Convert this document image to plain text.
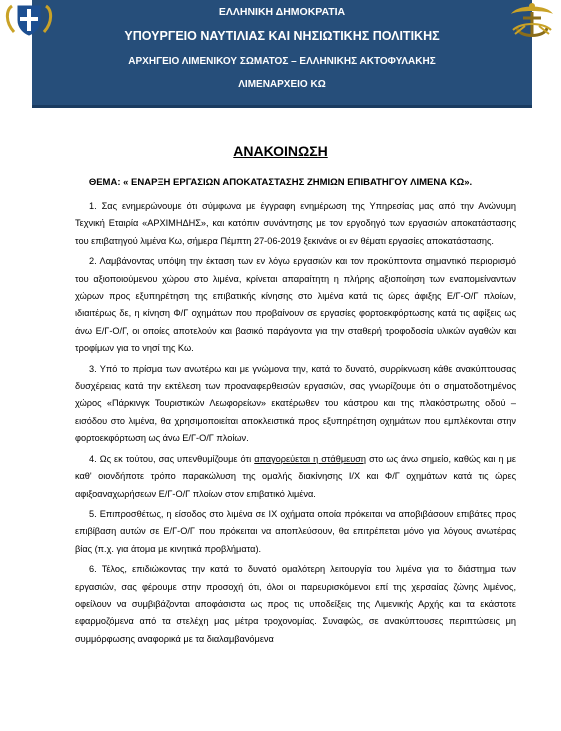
ΕΛΛΗΝΙΚΗ ΔΗΜΟΚΡΑΤΙΑ
ΥΠΟΥΡΓΕΙΟ ΝΑΥΤΙΛΙΑΣ ΚΑΙ ΝΗΣΙΩΤΙΚΗΣ ΠΟΛΙΤΙΚΗΣ
ΑΡΧΗΓΕΙΟ ΛΙΜΕΝΙΚΟΥ ΣΩΜΑΤΟΣ – ΕΛΛΗΝΙΚΗΣ ΑΚΤΟΦΥΛΑΚΗΣ
ΛΙΜΕΝΑΡΧΕΙΟ ΚΩ
ΑΝΑΚΟΙΝΩΣΗ
ΘΕΜΑ: « ΕΝΑΡΞΗ ΕΡΓΑΣΙΩΝ ΑΠΟΚΑΤΑΣΤΑΣΗΣ ΖΗΜΙΩΝ ΕΠΙΒΑΤΗΓΟΥ ΛΙΜΕΝΑ ΚΩ».

1. Σας ενημερώνουμε ότι σύμφωνα με έγγραφη ενημέρωση της Υπηρεσίας μας από την Ανώνυμη Τεχνική Εταιρία «ΑΡΧΙΜΗΔΗΣ», και κατόπιν συνάντησης με τον εργοδηγό των εργασιών αποκατάστασης του επιβατηγού λιμένα Κω, σήμερα Πέμπτη 27-06-2019 ξεκινάνε οι εν θέματι εργασίες αποκατάστασης.

2. Λαμβάνοντας υπόψη την έκταση των εν λόγω εργασιών και τον προκύπτοντα σημαντικό περιορισμό του αξιοποιούμενου χώρου στο λιμένα, κρίνεται απαραίτητη η πλήρης αξιοποίηση των εναπομείναντων χώρων προς εξυπηρέτηση της επιβατικής κίνησης στο λιμένα κατά τις ώρες άφιξης Ε/Γ-Ο/Γ πλοίων, ιδιαιτέρως δε, η κίνηση Φ/Γ οχημάτων που προβαίνουν σε εργασίες φορτοεκφόρτωσης κατά τις αφίξεις ως άνω Ε/Γ-Ο/Γ, οι οποίες αποτελούν και βασικό παράγοντα για την σταθερή τροφοδοσία υλικών αγαθών και τροφίμων για το νησί της Κω.

3. Υπό το πρίσμα των ανωτέρω και με γνώμονα την, κατά το δυνατό, συρρίκνωση κάθε ανακύπτουσας δυσχέρειας κατά την εκτέλεση των προαναφερθεισών εργασιών, σας γνωρίζουμε ότι ο σηματοδοτημένος χώρος «Πάρκινγκ Τουριστικών Λεωφορείων» εκατέρωθεν του κάστρου και της πλακόστρωτης οδού – εισόδου στο λιμένα, θα χρησιμοποιείται αποκλειστικά προς εξυπηρέτηση οχημάτων που εμπλέκονται στην φορτοεκφόρτωση ως άνω Ε/Γ-Ο/Γ πλοίων.

4. Ως εκ τούτου, σας υπενθυμίζουμε ότι απαγορεύεται η στάθμευση στο ως άνω σημείο, καθώς και η με καθ' οιονδήποτε τρόπο παρακώλυση της ομαλής διακίνησης Ι/Χ και Φ/Γ οχημάτων κατά τις ώρες αφιξοαναχωρήσεων Ε/Γ-Ο/Γ πλοίων στον επιβατικό λιμένα.

5. Επιπροσθέτως, η είσοδος στο λιμένα σε ΙΧ οχήματα οποία πρόκειται να αποβιβάσουν επιβάτες προς επιβίβαση αυτών σε Ε/Γ-Ο/Γ που πρόκειται να αποπλεύσουν, θα επιτρέπεται μόνο για λόγους ανωτέρας βίας (π.χ. για άτομα με κινητικά προβλήματα).

6. Τέλος, επιδιώκοντας την κατά το δυνατό ομαλότερη λειτουργία του λιμένα για το διάστημα των εργασιών, σας φέρουμε στην προσοχή ότι, όλοι οι παρευρισκόμενοι επί της χερσαίας ζώνης λιμένος, οφείλουν να συμβιβάζονται αποφάσιστα ως προς τις υποδείξεις της Λιμενικής Αρχής και τα εκάστοτε εφαρμοζόμενα από τα στελέχη μας μέτρα τροχονομίας. Συναφώς, σε ανακύπτουσες περιπτώσεις μη συμμόρφωσης αναφορικά με τα διαλαμβανόμενα
